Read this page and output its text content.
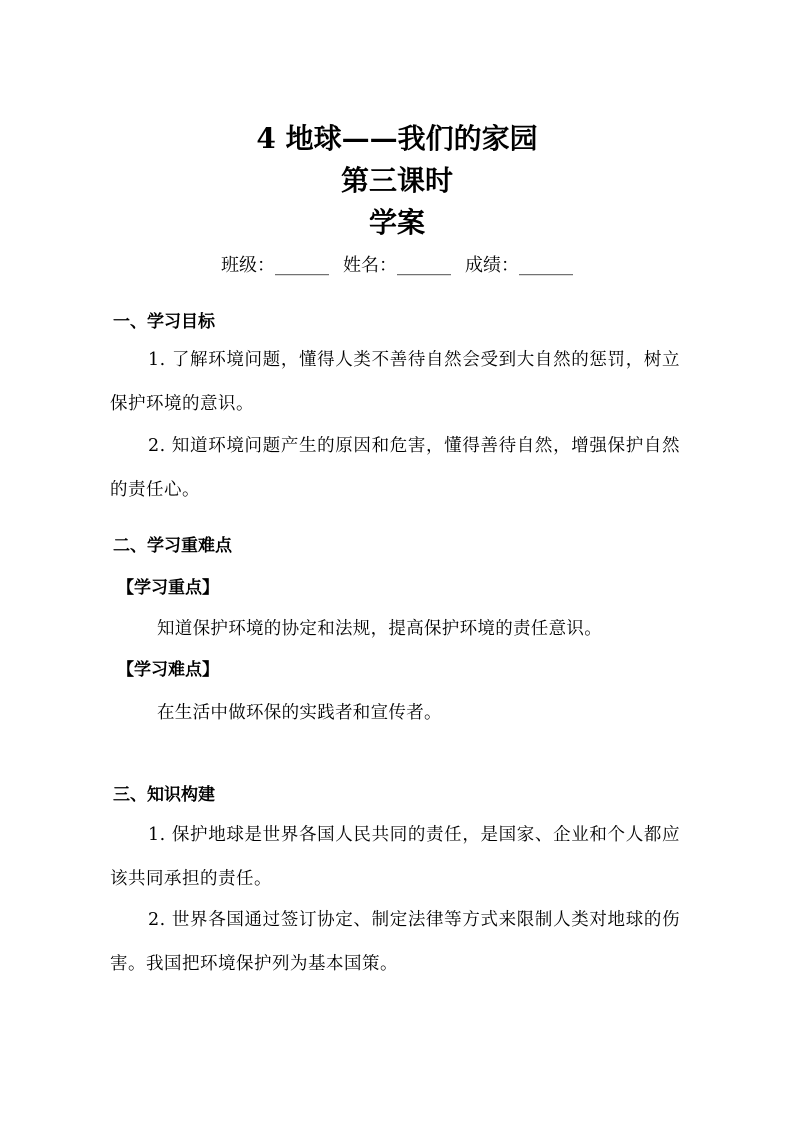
4 地球——我们的家园
第三课时
学案
班级：______ 姓名：______ 成绩：______
一、学习目标
1. 了解环境问题，懂得人类不善待自然会受到大自然的惩罚，树立保护环境的意识。
2. 知道环境问题产生的原因和危害，懂得善待自然，增强保护自然的责任心。
二、学习重难点
【学习重点】
知道保护环境的协定和法规，提高保护环境的责任意识。
【学习难点】
在生活中做环保的实践者和宣传者。
三、知识构建
1. 保护地球是世界各国人民共同的责任，是国家、企业和个人都应该共同承担的责任。
2. 世界各国通过签订协定、制定法律等方式来限制人类对地球的伤害。我国把环境保护列为基本国策。
